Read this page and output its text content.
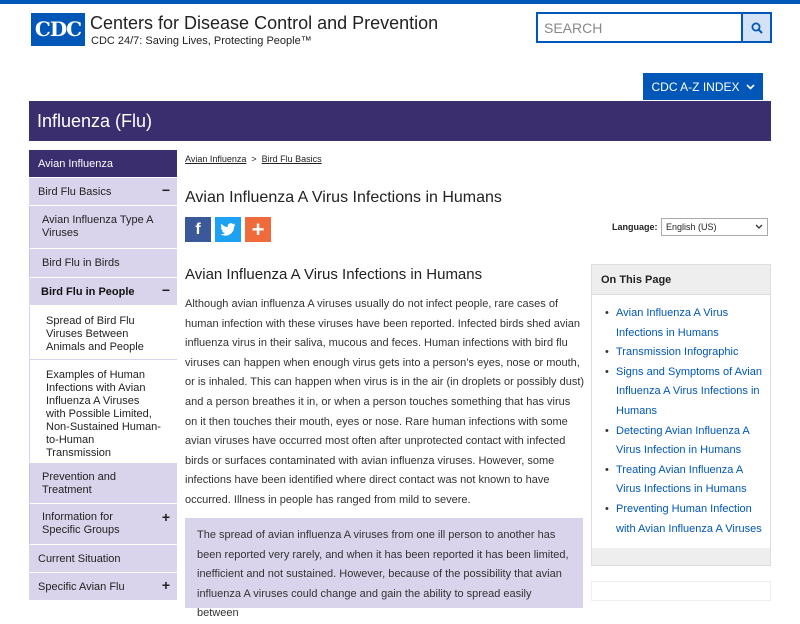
CDC Centers for Disease Control and Prevention
CDC 24/7: Saving Lives, Protecting People™
SEARCH
CDC A-Z INDEX
Influenza (Flu)
Avian Influenza
Bird Flu Basics	−
Avian Influenza Type A Viruses
Bird Flu in Birds
Bird Flu in People −
Spread of Bird Flu Viruses Between Animals and People
Examples of Human Infections with Avian Influenza A Viruses with Possible Limited, Non-Sustained Human-to-Human Transmission
Prevention and Treatment
Information for Specific Groups
+
Current Situation
Specific Avian Flu	+
Avian Influenza > Bird Flu Basics
Avian Influenza A Virus Infections in Humans
f +	Language: English (US)
Avian Influenza A Virus Infections in Humans

Although avian influenza A viruses usually do not infect people, rare cases of human infection with these viruses have been reported. Infected birds shed avian influenza virus in their saliva, mucous and feces. Human infections with bird flu viruses can happen when enough virus gets into a person’s eyes, nose or mouth, or is inhaled. This can happen when virus is in the air (in droplets or possibly dust) and a person breathes it in, or when a person touches something that has virus on it then touches their mouth, eyes or nose. Rare human infections with some avian viruses have occurred most often after unprotected contact with infected birds or surfaces contaminated with avian influenza viruses. However, some infections have been identified where direct contact was not known to have occurred. Illness in people has ranged from mild to severe.

The spread of avian influenza A viruses from one ill person to another has been reported very rarely, and when it has been reported it has been limited, inefficient and not sustained. However, because of the possibility that avian influenza A viruses could change and gain the ability to spread easily between

On This Page
• Avian Influenza A Virus Infections in Humans
• Transmission Infographic
• Signs and Symptoms of Avian Influenza A Virus Infections in Humans
• Detecting Avian Influenza A Virus Infection in Humans
• Treating Avian Influenza A Virus Infections in Humans
• Preventing Human Infection with Avian Influenza A Viruses
